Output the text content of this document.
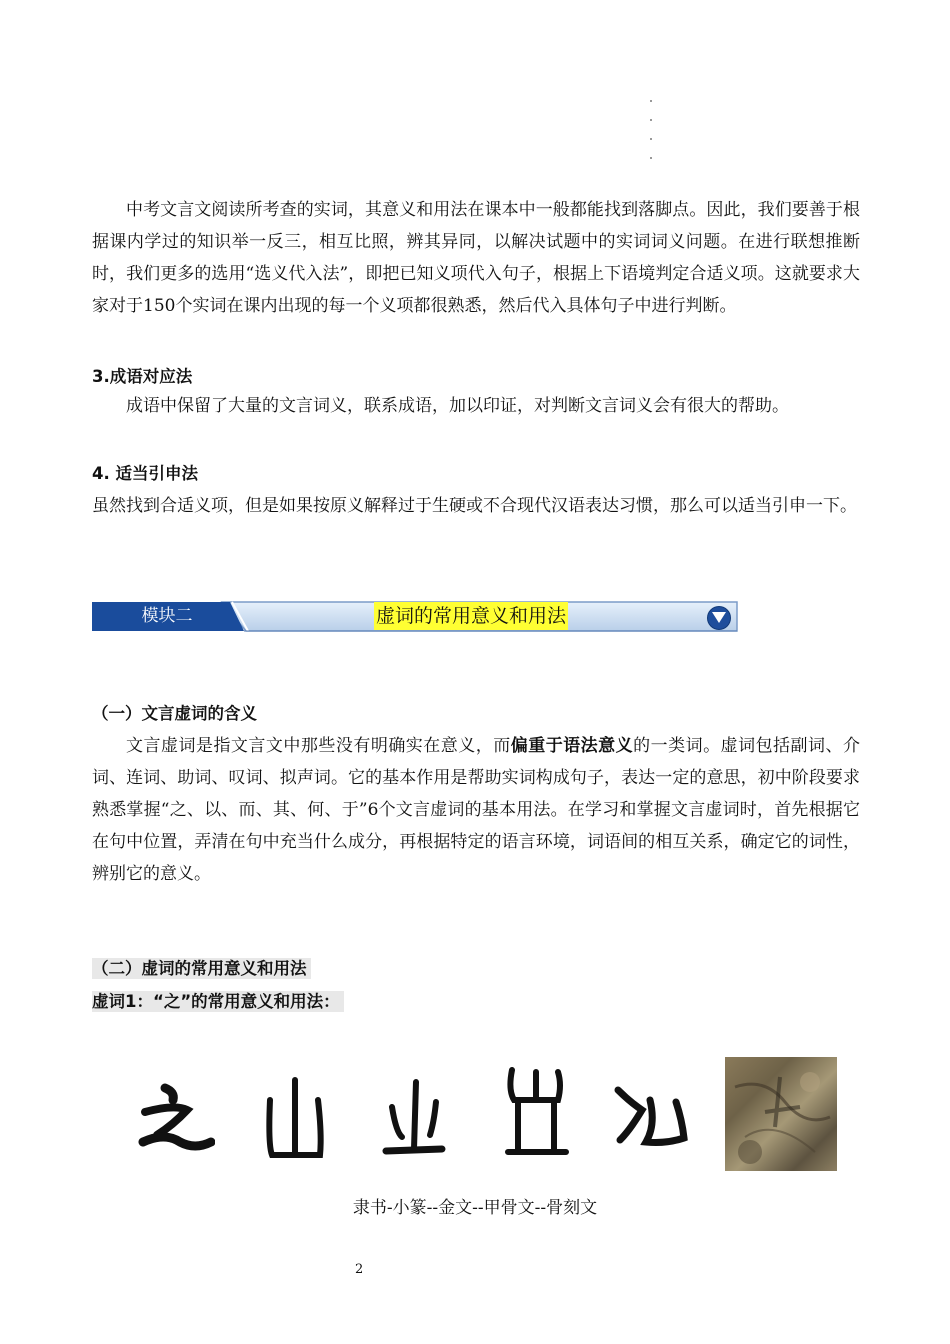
中考文言文阅读所考查的实词，其意义和用法在课本中一般都能找到落脚点。因此，我们要善于根据课内学过的知识举一反三，相互比照，辨其异同，以解决试题中的实词词义问题。在进行联想推断时，我们更多的选用“选义代入法”，即把已知义项代入句子，根据上下语境判定合适义项。这就要求大家对于150个实词在课内出现的每一个义项都很熟悉，然后代入具体句子中进行判断。

3.成语对应法

成语中保留了大量的文言词义，联系成语，加以印证，对判断文言词义会有很大的帮助。

4. 适当引申法

虽然找到合适义项，但是如果按原义解释过于生硬或不合现代汉语表达习惯，那么可以适当引申一下。

模块二	虚词的常用意义和用法

（一）文言虚词的含义

文言虚词是指文言文中那些没有明确实在意义，而偏重于语法意义的一类词。虚词包括副词、介词、连词、助词、叹词、拟声词。它的基本作用是帮助实词构成句子，表达一定的意思，初中阶段要求熟悉掌握“之、以、而、其、何、于”6个文言虚词的基本用法。在学习和掌握文言虚词时，首先根据它在句中位置，弄清在句中充当什么成分，再根据特定的语言环境，词语间的相互关系，确定它的词性，辨别它的意义。

（二）虚词的常用意义和用法

虚词1：“之”的常用意义和用法：

隶书-小篆--金文--甲骨文--骨刻文
2
